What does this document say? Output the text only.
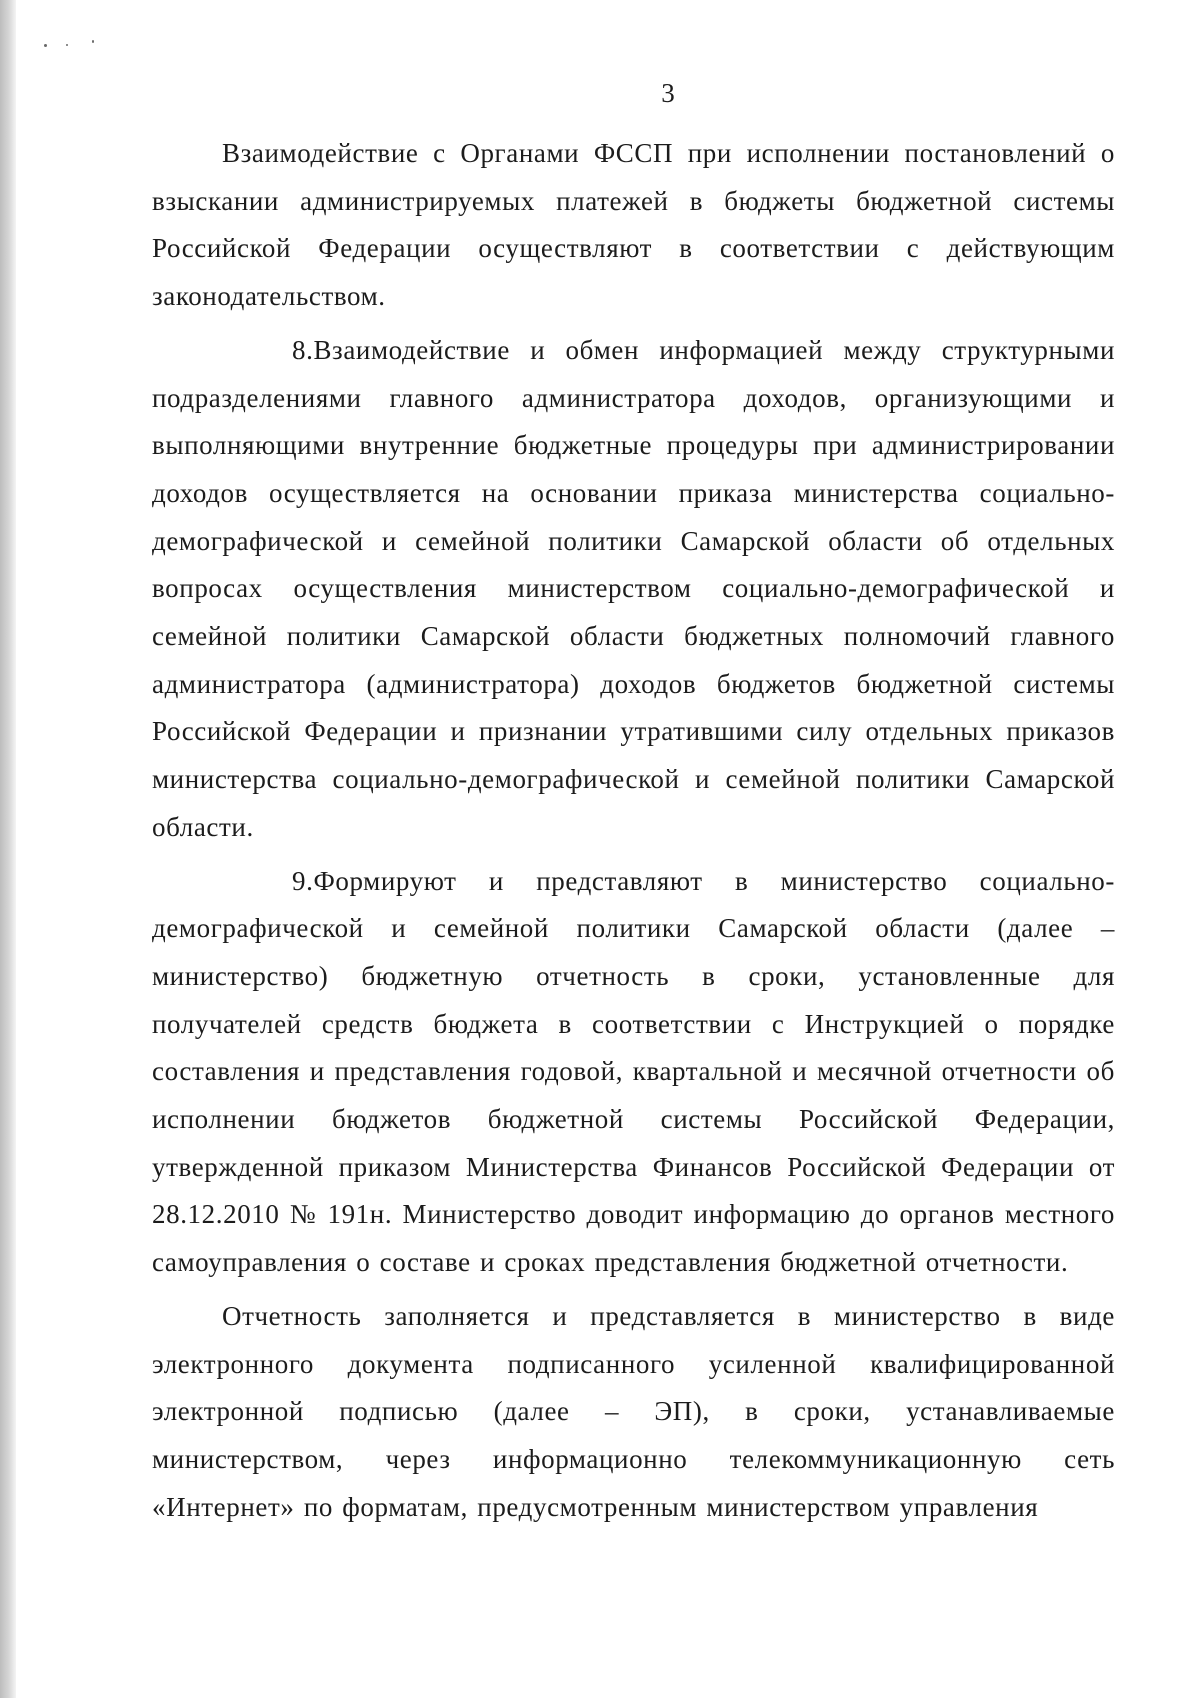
3

Взаимодействие с Органами ФССП при исполнении постановлений о взыскании администрируемых платежей в бюджеты бюджетной системы Российской Федерации осуществляют в соответствии с действующим законодательством.

8.Взаимодействие и обмен информацией между структурными подразделениями главного администратора доходов, организующими и выполняющими внутренние бюджетные процедуры при администрировании доходов осуществляется на основании приказа министерства социально-демографической и семейной политики Самарской области об отдельных вопросах осуществления министерством социально-демографической и семейной политики Самарской области бюджетных полномочий главного администратора (администратора) доходов бюджетов бюджетной системы Российской Федерации и признании утратившими силу отдельных приказов министерства социально-демографической и семейной политики Самарской области.

9.Формируют и представляют в министерство социально-демографической и семейной политики Самарской области (далее – министерство) бюджетную отчетность в сроки, установленные для получателей средств бюджета в соответствии с Инструкцией о порядке составления и представления годовой, квартальной и месячной отчетности об исполнении бюджетов бюджетной системы Российской Федерации, утвержденной приказом Министерства Финансов Российской Федерации от 28.12.2010 № 191н. Министерство доводит информацию до органов местного самоуправления о составе и сроках представления бюджетной отчетности.

Отчетность заполняется и представляется в министерство в виде электронного документа подписанного усиленной квалифицированной электронной подписью (далее – ЭП), в сроки, устанавливаемые министерством, через информационно телекоммуникационную сеть «Интернет» по форматам, предусмотренным министерством управления
